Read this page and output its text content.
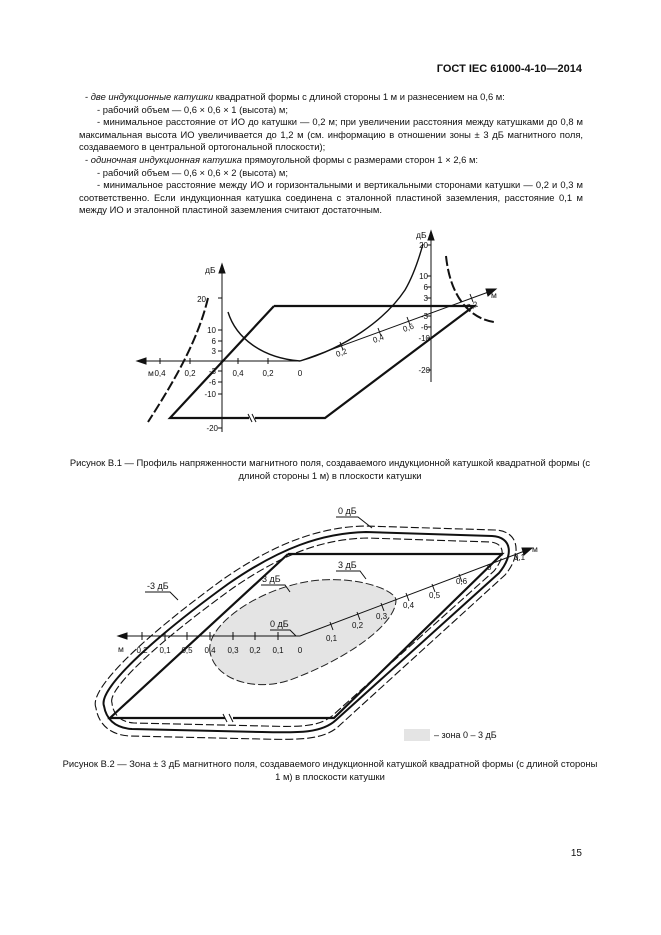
ГОСТ IEC 61000-4-10—2014

- две индукционные катушки квадратной формы с длиной стороны 1 м и разнесением на 0,6 м:

- рабочий объем — 0,6 × 0,6 × 1 (высота) м;

- минимальное расстояние от ИО до катушки — 0,2 м; при увеличении расстояния между катушками до 0,8 м максимальная высота ИО увеличивается до 1,2 м (см. информацию в отношении зоны ± 3 дБ магнитного поля, создаваемого в центральной ортогональной плоскости);

- одиночная индукционная катушка прямоугольной формы с размерами сторон 1 × 2,6 м:

- рабочий объем — 0,6 × 0,6 × 2 (высота) м;

- минимальное расстояние между ИО и горизонтальными и вертикальными сторонами катушки — 0,2 и 0,3 м соответственно. Если индукционная катушка соединена с эталонной пластиной заземления, расстояние 0,1 м между ИО и эталонной пластиной заземления считают достаточным.

дБ
20
10
6
3
-3
-6
-10
-20
м 0,4 0,2	0,4 0,2	0
дБ
20
10
6
3
-3
-6
-10
-20
0,2
0,4
0,6
0,2
м
Рисунок В.1 — Профиль напряженности магнитного поля, создаваемого индукционной катушкой квадратной формы (с длиной стороны 1 м) в плоскости катушки
0 дБ
3 дБ
-3 дБ
3 дБ
0 дБ
м 0,2 0,1 0,5 0,4 0,3 0,2 0,1 0
0,1
0,2
0,3
0,4
0,5
0,6
0
0,1
м
– зона 0 – 3 дБ
Рисунок В.2 — Зона ± 3 дБ магнитного поля, создаваемого индукционной катушкой квадратной формы (с длиной стороны 1 м) в плоскости катушки
15
